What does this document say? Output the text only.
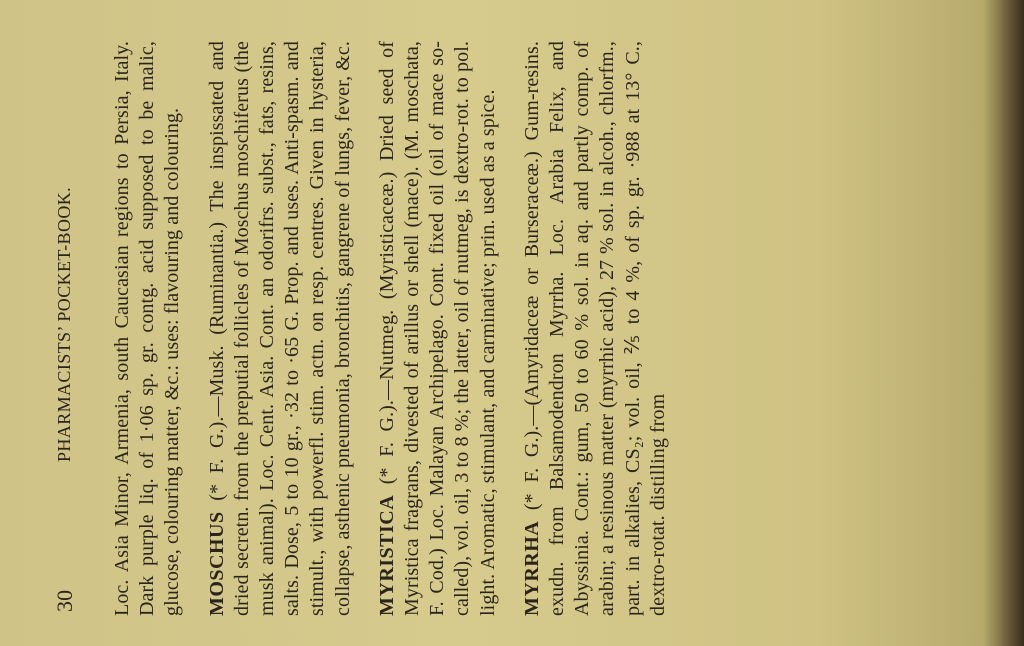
30
PHARMACISTS’ POCKET-BOOK. Loc. Asia Minor, Armenia, south Caucasian regions to Persia, Italy. Dark purple liq. of 1·06 sp. gr. contg. acid supposed to be malic, glucose, colouring matter, &c.: uses: flavouring and colouring. MOSCHUS (* F. G.).—Musk. (Ruminantia.) The inspissated and dried secretn. from the preputial follicles of Moschus moschiferus (the musk animal). Loc. Cent. Asia. Cont. an odorifrs. subst., fats, resins, salts. Dose, 5 to 10 gr., ·32 to ·65 G. Prop. and uses. Anti-spasm. and stimult., with powerfl. stim. actn. on resp. centres. Given in hysteria, collapse, asthenic pneumonia, bronchitis, gangrene of lungs, fever, &c. MYRISTICA (* F. G.).—Nutmeg. (Myristicaceæ.) Dried seed of Myristica fragrans, divested of arillus or shell (mace). (M. moschata, F. Cod.) Loc. Malayan Archipelago. Cont. fixed oil (oil of mace so-called), vol. oil, 3 to 8 %; the latter, oil of nutmeg, is dextro-rot. to pol. light. Aromatic, stimulant, and carminative; prin. used as a spice. MYRRHA (* F. G.).—(Amyridaceæ or Burseraceæ.) Gum-resins. exudn. from Balsamodendron Myrrha. Loc. Arabia Felix, and Abyssinia. Cont.: gum, 50 to 60 % sol. in aq. and partly comp. of arabin; a resinous matter (myrrhic acid), 27 % sol. in alcoh., chlorfm., part. in alkalies, CS₂; vol. oil, ⅖ to 4 %, of sp. gr. ·988 at 13° C., dextro-rotat. distilling from
